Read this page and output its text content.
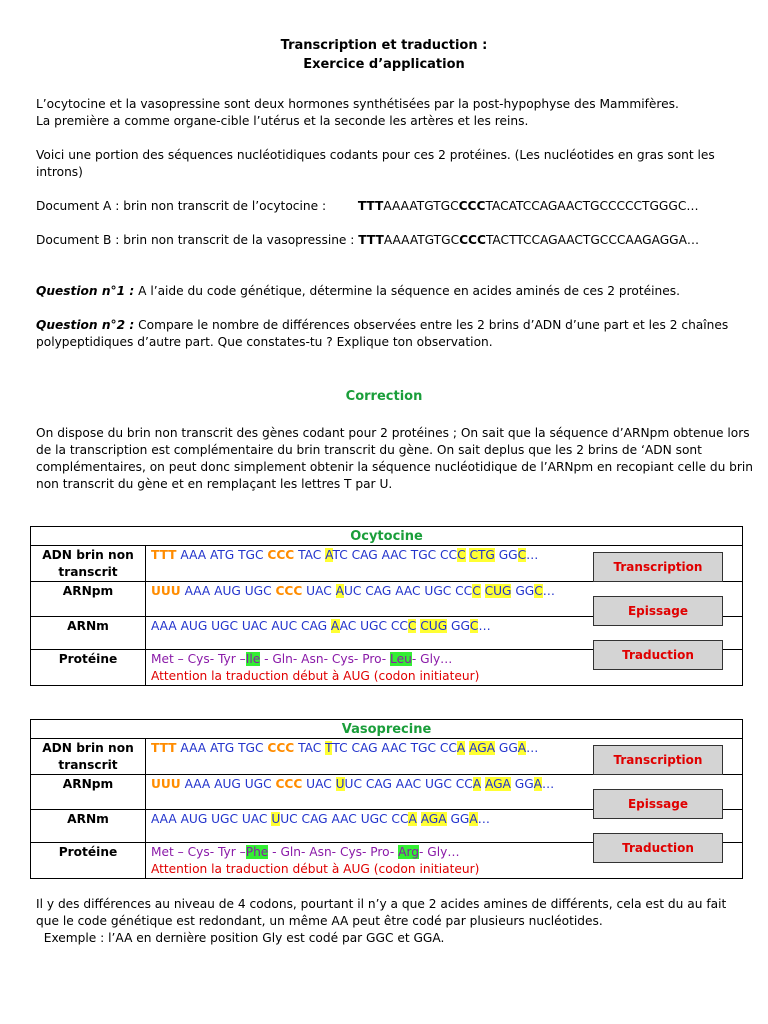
Transcription et traduction :
Exercice d’application
L’ocytocine et la vasopressine sont deux hormones synthétisées par la post-hypophyse des Mammifères.
La première a comme organe-cible l’utérus et la seconde les artères et les reins.
Voici une portion des séquences nucléotidiques codants pour ces 2 protéines. (Les nucléotides en gras sont les
introns)
Document A : brin non transcrit de l’ocytocine :	TTTAAAATGTGCCCCTACATCCAGAACTGCCCCCTGGGC…
Document B : brin non transcrit de la vasopressine : TTTAAAATGTGCCCCTACTTCCAGAACTGCCCAAGAGGA…
Question n°1 : A l’aide du code génétique, détermine la séquence en acides aminés de ces 2 protéines.
Question n°2 : Compare le nombre de différences observées entre les 2 brins d’ADN d’une part et les 2 chaînes
polypeptidiques d’autre part. Que constates-tu ? Explique ton observation.
Correction
On dispose du brin non transcrit des gènes codant pour 2 protéines ; On sait que la séquence d’ARNpm obtenue lors
de la transcription est complémentaire du brin transcrit du gène. On sait deplus que les 2 brins de ‘ADN sont
complémentaires, on peut donc simplement obtenir la séquence nucléotidique de l’ARNpm en recopiant celle du brin
non transcrit du gène et en remplaçant les lettres T par U.
Ocytocine
ADN brin non
transcrit
TTT AAA ATG TGC CCC TAC ATC CAG AAC TGC CCC CTG GGC…
ARNpm	UUU AAA AUG UGC CCC UAC AUC CAG AAC UGC CCC CUG GGC…
ARNm	AAA AUG UGC UAC AUC CAG AAC UGC CCC CUG GGC…
Protéine	Met – Cys- Tyr –Ile - Gln- Asn- Cys- Pro- Leu- Gly…
Attention la traduction début à AUG (codon initiateur)
Transcription
Epissage
Traduction
Vasoprecine
ADN brin non
transcrit
TTT AAA ATG TGC CCC TAC TTC CAG AAC TGC CCA AGA GGA…
ARNpm	UUU AAA AUG UGC CCC UAC UUC CAG AAC UGC CCA AGA GGA…
ARNm	AAA AUG UGC UAC UUC CAG AAC UGC CCA AGA GGA…
Protéine	Met – Cys- Tyr –Phe - Gln- Asn- Cys- Pro- Arg- Gly…
Attention la traduction début à AUG (codon initiateur)
Transcription
Epissage
Traduction
Il y des différences au niveau de 4 codons, pourtant il n’y a que 2 acides amines de différents, cela est du au fait
que le code génétique est redondant, un même AA peut être codé par plusieurs nucléotides.
Exemple : l’AA en dernière position Gly est codé par GGC et GGA.
